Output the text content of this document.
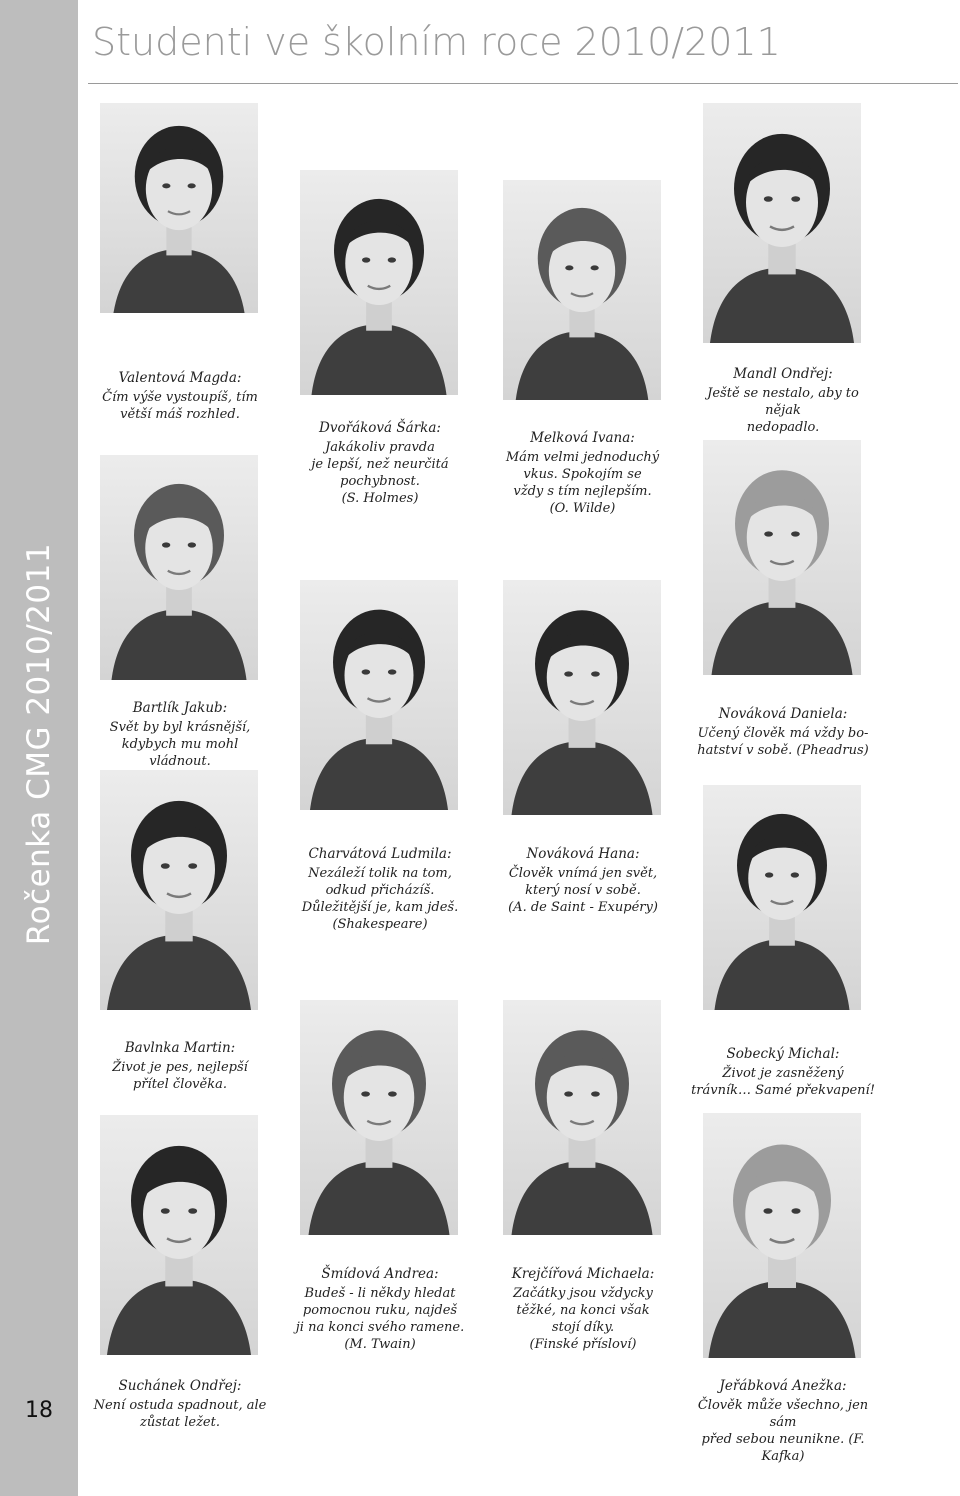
Ročenka CMG 2010/2011
18
Studenti ve školním roce 2010/2011
Valentová Magda:
Čím výše vystoupíš, tím
větší máš rozhled.
Dvořáková Šárka:
Jakákoliv pravda
je lepší, než neurčitá
pochybnost.
(S. Holmes)
Melková Ivana:
Mám velmi jednoduchý
vkus. Spokojím se
vždy s tím nejlepším.
(O. Wilde)
Mandl Ondřej:
Ještě se nestalo, aby to nějak
nedopadlo.
Bartlík Jakub:
Svět by byl krásnější,
kdybych mu mohl vládnout.
Charvátová Ludmila:
Nezáleží tolik na tom,
odkud přicházíš.
Důležitější je, kam jdeš.
(Shakespeare)
Nováková Hana:
Člověk vnímá jen svět,
který nosí v sobě.
(A. de Saint - Exupéry)
Nováková Daniela:
Učený člověk má vždy bo-
hatství v sobě. (Pheadrus)
Bavlnka Martin:
Život je pes, nejlepší
přítel člověka.
Sobecký Michal:
Život je zasněžený
trávník… Samé překvapení!
Šmídová Andrea:
Budeš - li někdy hledat
pomocnou ruku, najdeš
ji na konci svého ramene.
(M. Twain)
Krejčířová Michaela:
Začátky jsou vždycky
těžké, na konci však
stojí díky.
(Finské přísloví)
Suchánek Ondřej:
Není ostuda spadnout, ale
zůstat ležet.
Jeřábková Anežka:
Člověk může všechno, jen sám
před sebou neunikne. (F. Kafka)
